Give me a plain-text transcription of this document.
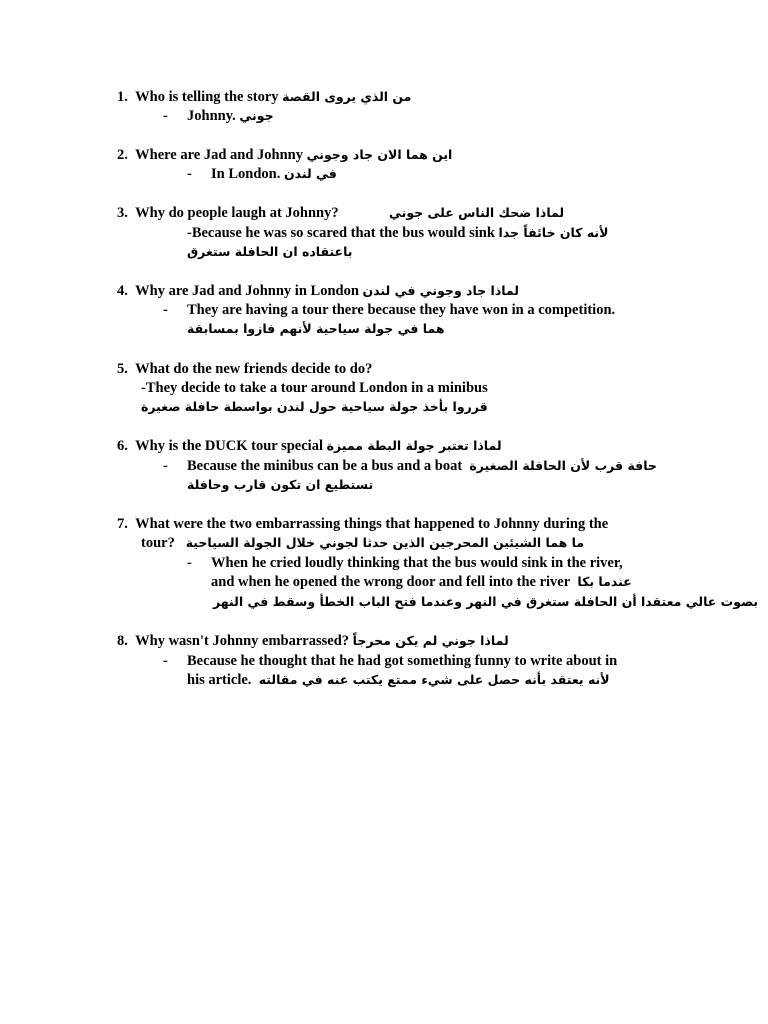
1. Who is telling the story من الذي يروى القصة
- Johnny. جوني
2. Where are Jad and Johnny اين هما الان جاد وجوني
- In London. في لندن
3. Why do people laugh at Johnny?	لماذا ضحك الناس على جوني
-Because he was so scared that the bus would sink لأنه كان خائفاً جدا
باعتقاده ان الحافلة ستغرق
4. Why are Jad and Johnny in London لماذا جاد وجوني في لندن
- They are having a tour there because they have won in a competition.
هما في جولة سياحية لأنهم فازوا بمسابقة
5. What do the new friends decide to do?
-They decide to take a tour around London in a minibus
قرروا بأخذ جولة سياحية حول لندن بواسطة حافلة صغيرة
6. Why is the DUCK tour special لماذا تعتبر جولة البطة مميزة
- Because the minibus can be a bus and a boat حافة قرب لأن الحافلة الصغيرة
تستطيع ان تكون قارب وحافلة
7. What were the two embarrassing things that happened to Johnny during the
tour? ما هما الشيئين المحرجين الذين حدثا لجوني خلال الجولة السياحية
- When he cried loudly thinking that the bus would sink in the river,
and when he opened the wrong door and fell into the river عندما بكا
بصوت عالي معتقدا أن الحافلة ستغرق في النهر وعندما فتح الباب الخطأ وسقط في النهر
8. Why wasn't Johnny embarrassed? لماذا جوني لم يكن محرجاً
- Because he thought that he had got something funny to write about in
his article. لأنه يعتقد بأنه حصل على شيء ممتع يكتب عنه في مقالته
